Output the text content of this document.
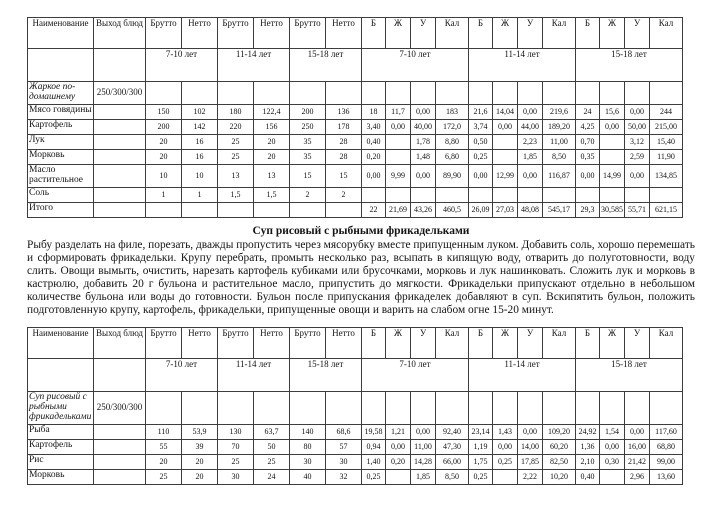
Наименование	Выход блюд	Брутто	Нетто	Брутто	Нетто	Брутто	Нетто	Б	Ж	У	Кал	Б	Ж	У	Кал	Б	Ж	У	Кал
		7-10 лет		11-14 лет		15-18 лет		7-10 лет				11-14 лет				15-18 лет			
Жаркое по-домашнему	250/300/300																		
Мясо говядины		150	102	180	122,4	200	136	18	11,7	0,00	183	21,6	14,04	0,00	219,6	24	15,6	0,00	244
Картофель		200	142	220	156	250	178	3,40	0,00	40,00	172,0	3,74	0,00	44,00	189,20	4,25	0,00	50,00	215,00
Лук		20	16	25	20	35	28	0,40		1,78	8,80	0,50		2,23	11,00	0,70		3,12	15,40
Морковь		20	16	25	20	35	28	0,20		1,48	6,80	0,25		1,85	8,50	0,35		2,59	11,90
Масло растительное		10	10	13	13	15	15	0,00	9,99	0,00	89,90	0,00	12,99	0,00	116,87	0,00	14,99	0,00	134,85
Соль		1	1	1,5	1,5	2	2												
Итого								22	21,69	43,26	460,5	26,09	27,03	48,08	545,17	29,3	30,585	55,71	621,15
Суп рисовый с рыбными фрикадельками
Рыбу разделать на филе, порезать, дважды пропустить через мясорубку вместе припущенным луком. Добавить соль, хорошо перемешать и сформировать фрикадельки. Крупу перебрать, промыть несколько раз, всыпать в кипящую воду, отварить до полуготовности, воду слить. Овощи вымыть, очистить, нарезать картофель кубиками или брусочками, морковь и лук нашинковать. Сложить лук и морковь в кастрюлю, добавить 20 г бульона и растительное масло, припустить до мягкости. Фрикадельки припускают отдельно в небольшом количестве бульона или воды до готовности. Бульон после припускания фрикаделек добавляют в суп. Вскипятить бульон, положить подготовленную крупу, картофель, фрикадельки, припущенные овощи и варить на слабом огне 15-20 минут.
Наименование	Выход блюд	Брутто	Нетто	Брутто	Нетто	Брутто	Нетто	Б	Ж	У	Кал	Б	Ж	У	Кал	Б	Ж	У	Кал
		7-10 лет		11-14 лет		15-18 лет		7-10 лет				11-14 лет				15-18 лет			
Суп рисовый с рыбными фрикадельками	250/300/300																		
Рыба		110	53,9	130	63,7	140	68,6	19,58	1,21	0,00	92,40	23,14	1,43	0,00	109,20	24,92	1,54	0,00	117,60
Картофель		55	39	70	50	80	57	0,94	0,00	11,00	47,30	1,19	0,00	14,00	60,20	1,36	0,00	16,00	68,80
Рис		20	20	25	25	30	30	1,40	0,20	14,28	66,00	1,75	0,25	17,85	82,50	2,10	0,30	21,42	99,00
Морковь		25	20	30	24	40	32	0,25		1,85	8,50	0,25		2,22	10,20	0,40		2,96	13,60
